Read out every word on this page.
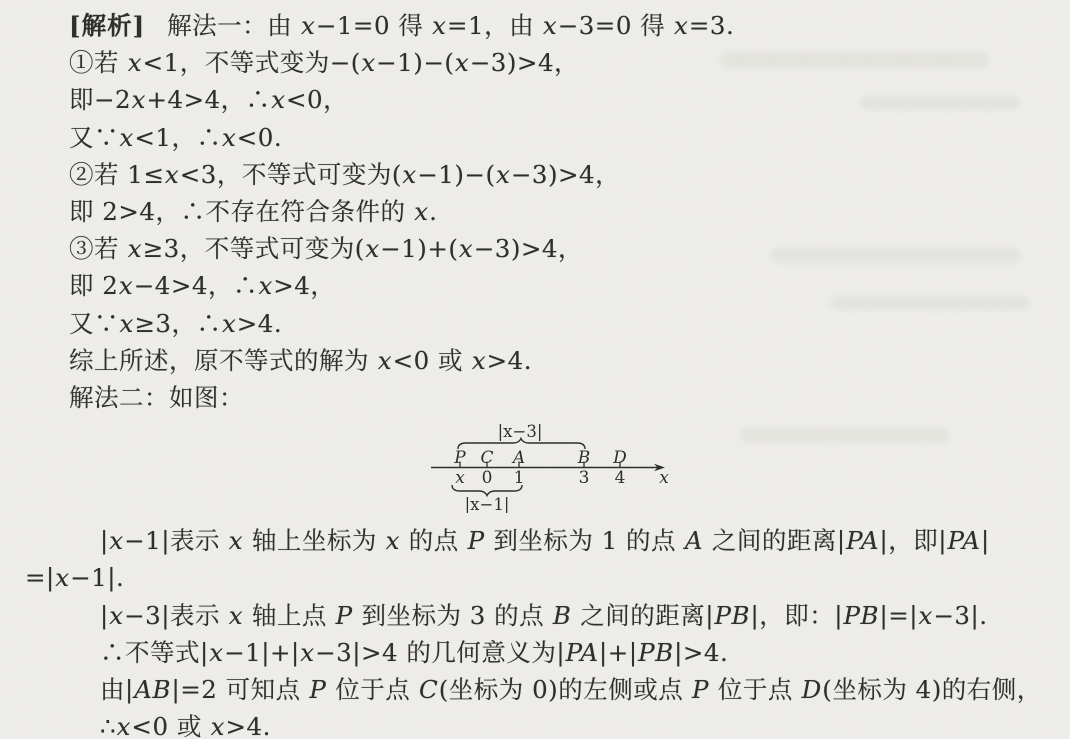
[解析] 解法一：由 x−1=0 得 x=1，由 x−3=0 得 x=3.
①若 x<1，不等式变为−(x−1)−(x−3)>4，
即−2x+4>4，∴x<0，
又∵x<1，∴x<0.
②若 1≤x<3，不等式可变为(x−1)−(x−3)>4，
即 2>4，∴不存在符合条件的 x.
③若 x≥3，不等式可变为(x−1)+(x−3)>4，
即 2x−4>4，∴x>4，
又∵x≥3，∴x>4.
综上所述，原不等式的解为 x<0 或 x>4.
解法二：如图：
|x−3|
P C A	B D
x 0 1	3 4 x
|x−1|
|x−1|表示 x 轴上坐标为 x 的点 P 到坐标为 1 的点 A 之间的距离|PA|，即|PA|
=|x−1|.
|x−3|表示 x 轴上点 P 到坐标为 3 的点 B 之间的距离|PB|，即：|PB|=|x−3|.
∴不等式|x−1|+|x−3|>4 的几何意义为|PA|+|PB|>4.
由|AB|=2 可知点 P 位于点 C(坐标为 0)的左侧或点 P 位于点 D(坐标为 4)的右侧，
∴x<0 或 x>4.
